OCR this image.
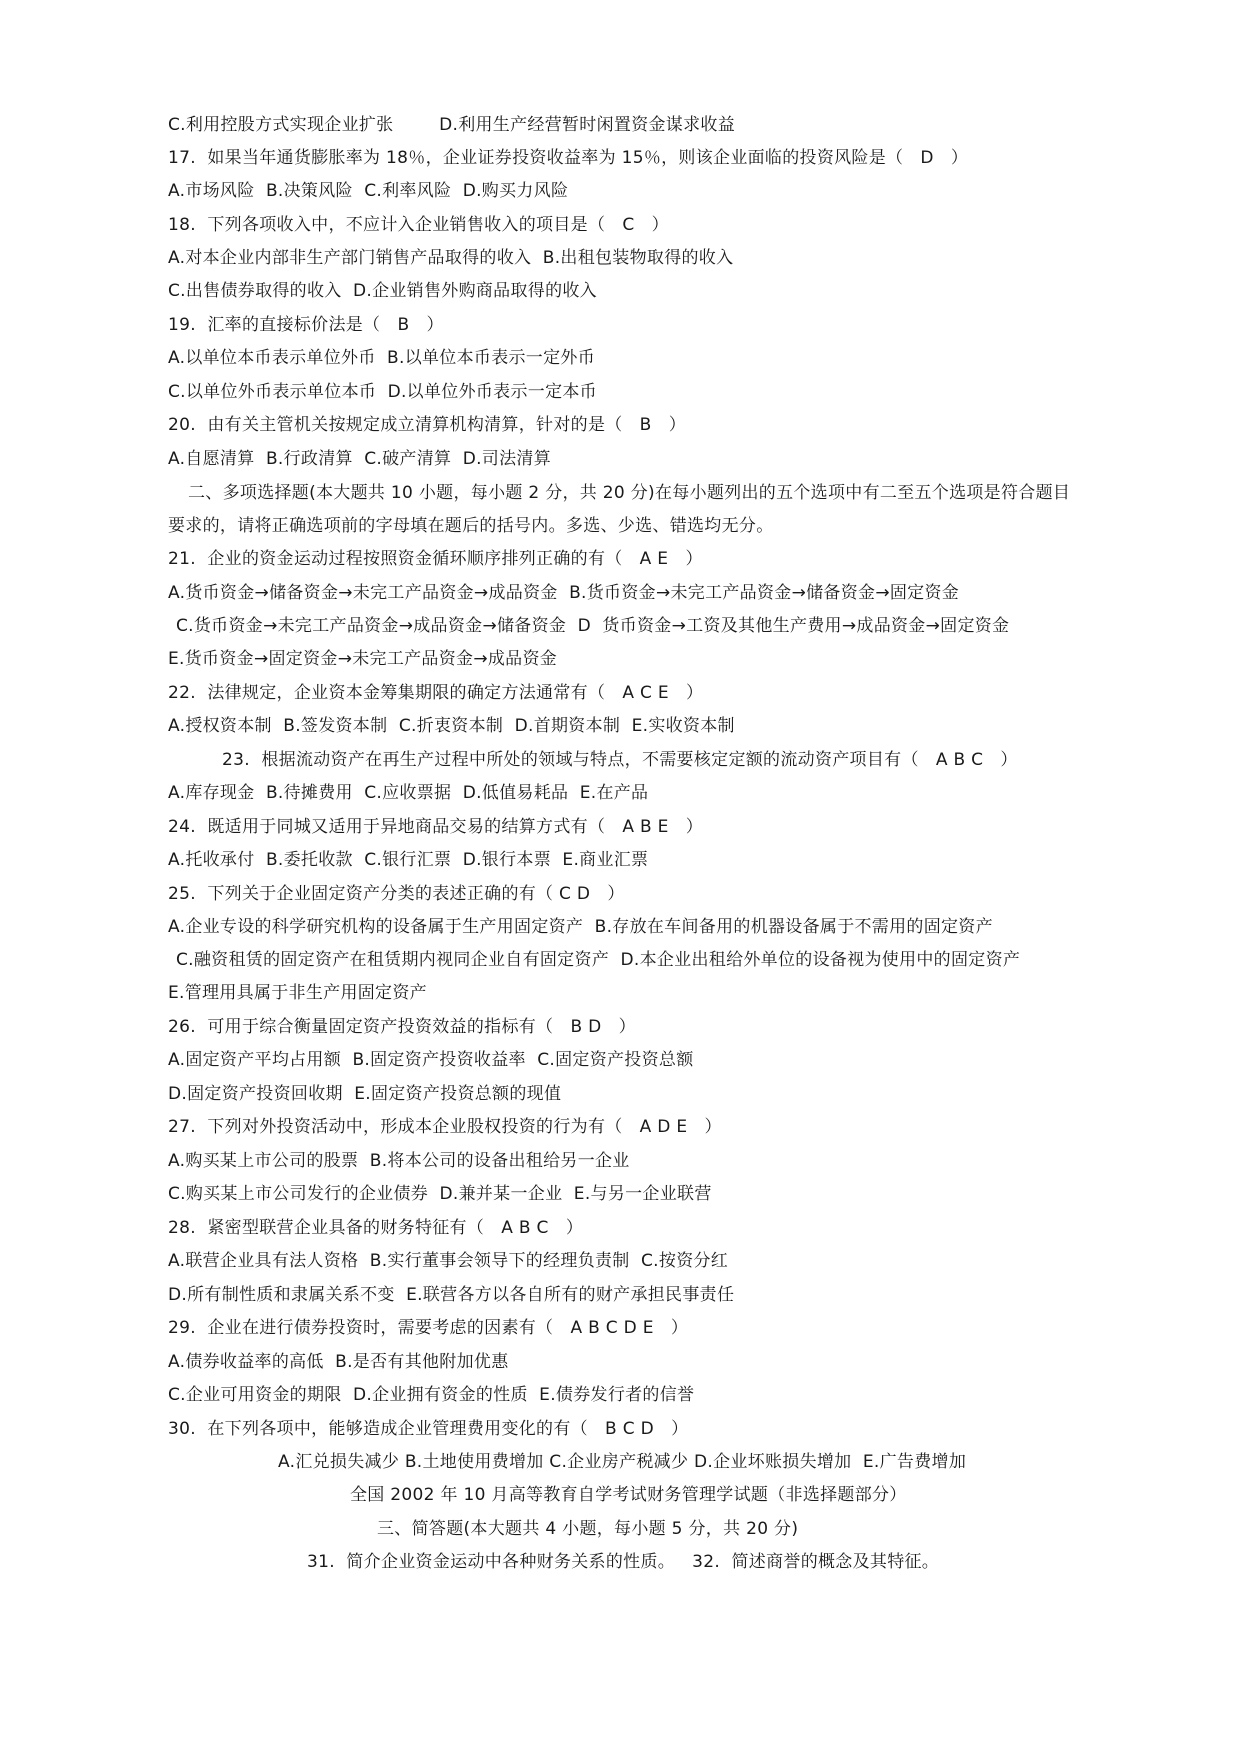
C.利用控股方式实现企业扩张        D.利用生产经营暂时闲置资金谋求收益
17.  如果当年通货膨胀率为 18％，企业证券投资收益率为 15％，则该企业面临的投资风险是（   D   ）
A.市场风险  B.决策风险  C.利率风险  D.购买力风险
18.  下列各项收入中，不应计入企业销售收入的项目是（   C   ）
A.对本企业内部非生产部门销售产品取得的收入  B.出租包装物取得的收入
C.出售债券取得的收入  D.企业销售外购商品取得的收入
19.  汇率的直接标价法是（   B   ）
A.以单位本币表示单位外币  B.以单位本币表示一定外币
C.以单位外币表示单位本币  D.以单位外币表示一定本币
20.  由有关主管机关按规定成立清算机构清算，针对的是（   B   ）
A.自愿清算  B.行政清算  C.破产清算  D.司法清算
二、多项选择题(本大题共 10 小题，每小题 2 分，共 20 分)在每小题列出的五个选项中有二至五个选项是符合题目
要求的，请将正确选项前的字母填在题后的括号内。多选、少选、错选均无分。
21.  企业的资金运动过程按照资金循环顺序排列正确的有（   A E   ）
A.货币资金→储备资金→未完工产品资金→成品资金  B.货币资金→未完工产品资金→储备资金→固定资金
C.货币资金→未完工产品资金→成品资金→储备资金  D  货币资金→工资及其他生产费用→成品资金→固定资金
E.货币资金→固定资金→未完工产品资金→成品资金
22.  法律规定，企业资本金筹集期限的确定方法通常有（   A C E   ）
A.授权资本制  B.签发资本制  C.折衷资本制  D.首期资本制  E.实收资本制
23.  根据流动资产在再生产过程中所处的领域与特点，不需要核定定额的流动资产项目有（   A B C   ）
A.库存现金  B.待摊费用  C.应收票据  D.低值易耗品  E.在产品
24.  既适用于同城又适用于异地商品交易的结算方式有（   A B E   ）
A.托收承付  B.委托收款  C.银行汇票  D.银行本票  E.商业汇票
25.  下列关于企业固定资产分类的表述正确的有（ C D   ）
A.企业专设的科学研究机构的设备属于生产用固定资产  B.存放在车间备用的机器设备属于不需用的固定资产
C.融资租赁的固定资产在租赁期内视同企业自有固定资产  D.本企业出租给外单位的设备视为使用中的固定资产
E.管理用具属于非生产用固定资产
26.  可用于综合衡量固定资产投资效益的指标有（   B D   ）
A.固定资产平均占用额  B.固定资产投资收益率  C.固定资产投资总额
D.固定资产投资回收期  E.固定资产投资总额的现值
27.  下列对外投资活动中，形成本企业股权投资的行为有（   A D E   ）
A.购买某上市公司的股票  B.将本公司的设备出租给另一企业
C.购买某上市公司发行的企业债券  D.兼并某一企业  E.与另一企业联营
28.  紧密型联营企业具备的财务特征有（   A B C   ）
A.联营企业具有法人资格  B.实行董事会领导下的经理负责制  C.按资分红
D.所有制性质和隶属关系不变  E.联营各方以各自所有的财产承担民事责任
29.  企业在进行债券投资时，需要考虑的因素有（   A B C D E   ）
A.债券收益率的高低  B.是否有其他附加优惠
C.企业可用资金的期限  D.企业拥有资金的性质  E.债券发行者的信誉
30.  在下列各项中，能够造成企业管理费用变化的有（   B C D   ）
A.汇兑损失减少 B.土地使用费增加 C.企业房产税减少 D.企业坏账损失增加  E.广告费增加
全国 2002 年 10 月高等教育自学考试财务管理学试题（非选择题部分）
三、简答题(本大题共 4 小题，每小题 5 分，共 20 分)
31.  简介企业资金运动中各种财务关系的性质。   32.  简述商誉的概念及其特征。
